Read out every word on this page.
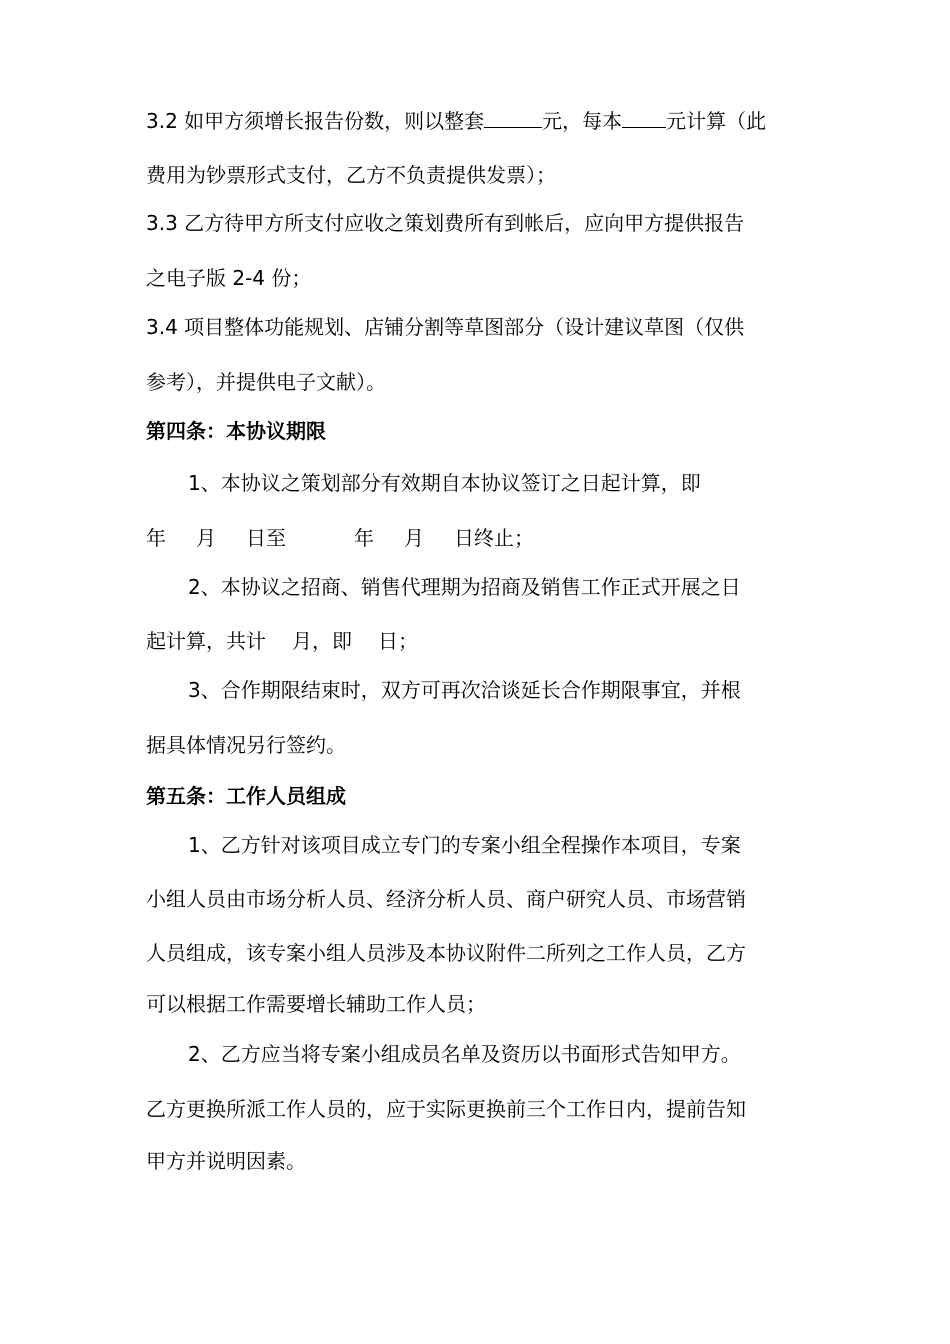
3.2 如甲方须增长报告份数，则以整套	元，每本 元计算（此
费用为钞票形式支付，乙方不负责提供发票）；
3.3 乙方待甲方所支付应收之策划费所有到帐后，应向甲方提供报告
之电子版 2-4 份；
3.4 项目整体功能规划、店铺分割等草图部分（设计建议草图（仅供
参考），并提供电子文献）。
第四条：本协议期限
1、本协议之策划部分有效期自本协议签订之日起计算，即
年 月 日至	年 月 日终止；
2、本协议之招商、销售代理期为招商及销售工作正式开展之日
起计算，共计 月，即 日；
3、合作期限结束时，双方可再次洽谈延长合作期限事宜，并根
据具体情况另行签约。
第五条：工作人员组成
1、乙方针对该项目成立专门的专案小组全程操作本项目，专案
小组人员由市场分析人员、经济分析人员、商户研究人员、市场营销
人员组成，该专案小组人员涉及本协议附件二所列之工作人员，乙方
可以根据工作需要增长辅助工作人员；
2、乙方应当将专案小组成员名单及资历以书面形式告知甲方。
乙方更换所派工作人员的，应于实际更换前三个工作日内，提前告知
甲方并说明因素。
